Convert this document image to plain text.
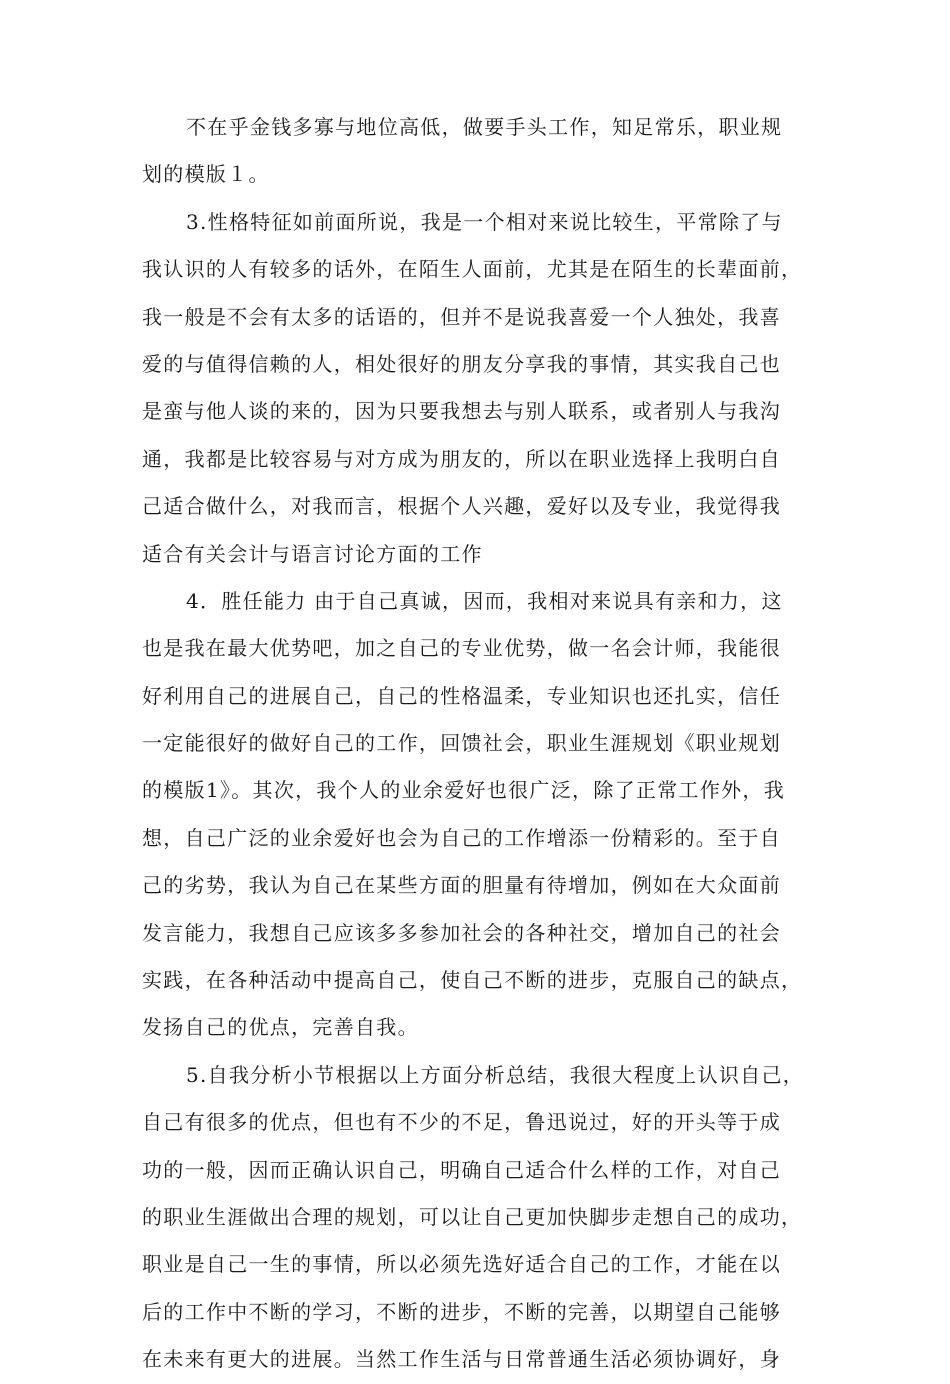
不在乎金钱多寡与地位高低，做要手头工作，知足常乐，职业规
划的模版１。
3.性格特征如前面所说，我是一个相对来说比较生，平常除了与
我认识的人有较多的话外，在陌生人面前，尤其是在陌生的长辈面前，
我一般是不会有太多的话语的，但并不是说我喜爱一个人独处，我喜
爱的与值得信赖的人，相处很好的朋友分享我的事情，其实我自己也
是蛮与他人谈的来的，因为只要我想去与别人联系，或者别人与我沟
通，我都是比较容易与对方成为朋友的，所以在职业选择上我明白自
己适合做什么，对我而言，根据个人兴趣，爱好以及专业，我觉得我
适合有关会计与语言讨论方面的工作
4．胜任能力 由于自己真诚，因而，我相对来说具有亲和力，这
也是我在最大优势吧，加之自己的专业优势，做一名会计师，我能很
好利用自己的进展自己，自己的性格温柔，专业知识也还扎实，信任
一定能很好的做好自己的工作，回馈社会，职业生涯规划《职业规划
的模版1》。其次，我个人的业余爱好也很广泛，除了正常工作外，我
想，自己广泛的业余爱好也会为自己的工作增添一份精彩的。至于自
己的劣势，我认为自己在某些方面的胆量有待增加，例如在大众面前
发言能力，我想自己应该多多参加社会的各种社交，增加自己的社会
实践，在各种活动中提高自己，使自己不断的进步，克服自己的缺点，
发扬自己的优点，完善自我。
5.自我分析小节根据以上方面分析总结，我很大程度上认识自己，
自己有很多的优点，但也有不少的不足，鲁迅说过，好的开头等于成
功的一般，因而正确认识自己，明确自己适合什么样的工作，对自己
的职业生涯做出合理的规划，可以让自己更加快脚步走想自己的成功，
职业是自己一生的事情，所以必须先选好适合自己的工作，才能在以
后的工作中不断的学习，不断的进步，不断的完善，以期望自己能够
在未来有更大的进展。当然工作生活与日常普通生活必须协调好，身
